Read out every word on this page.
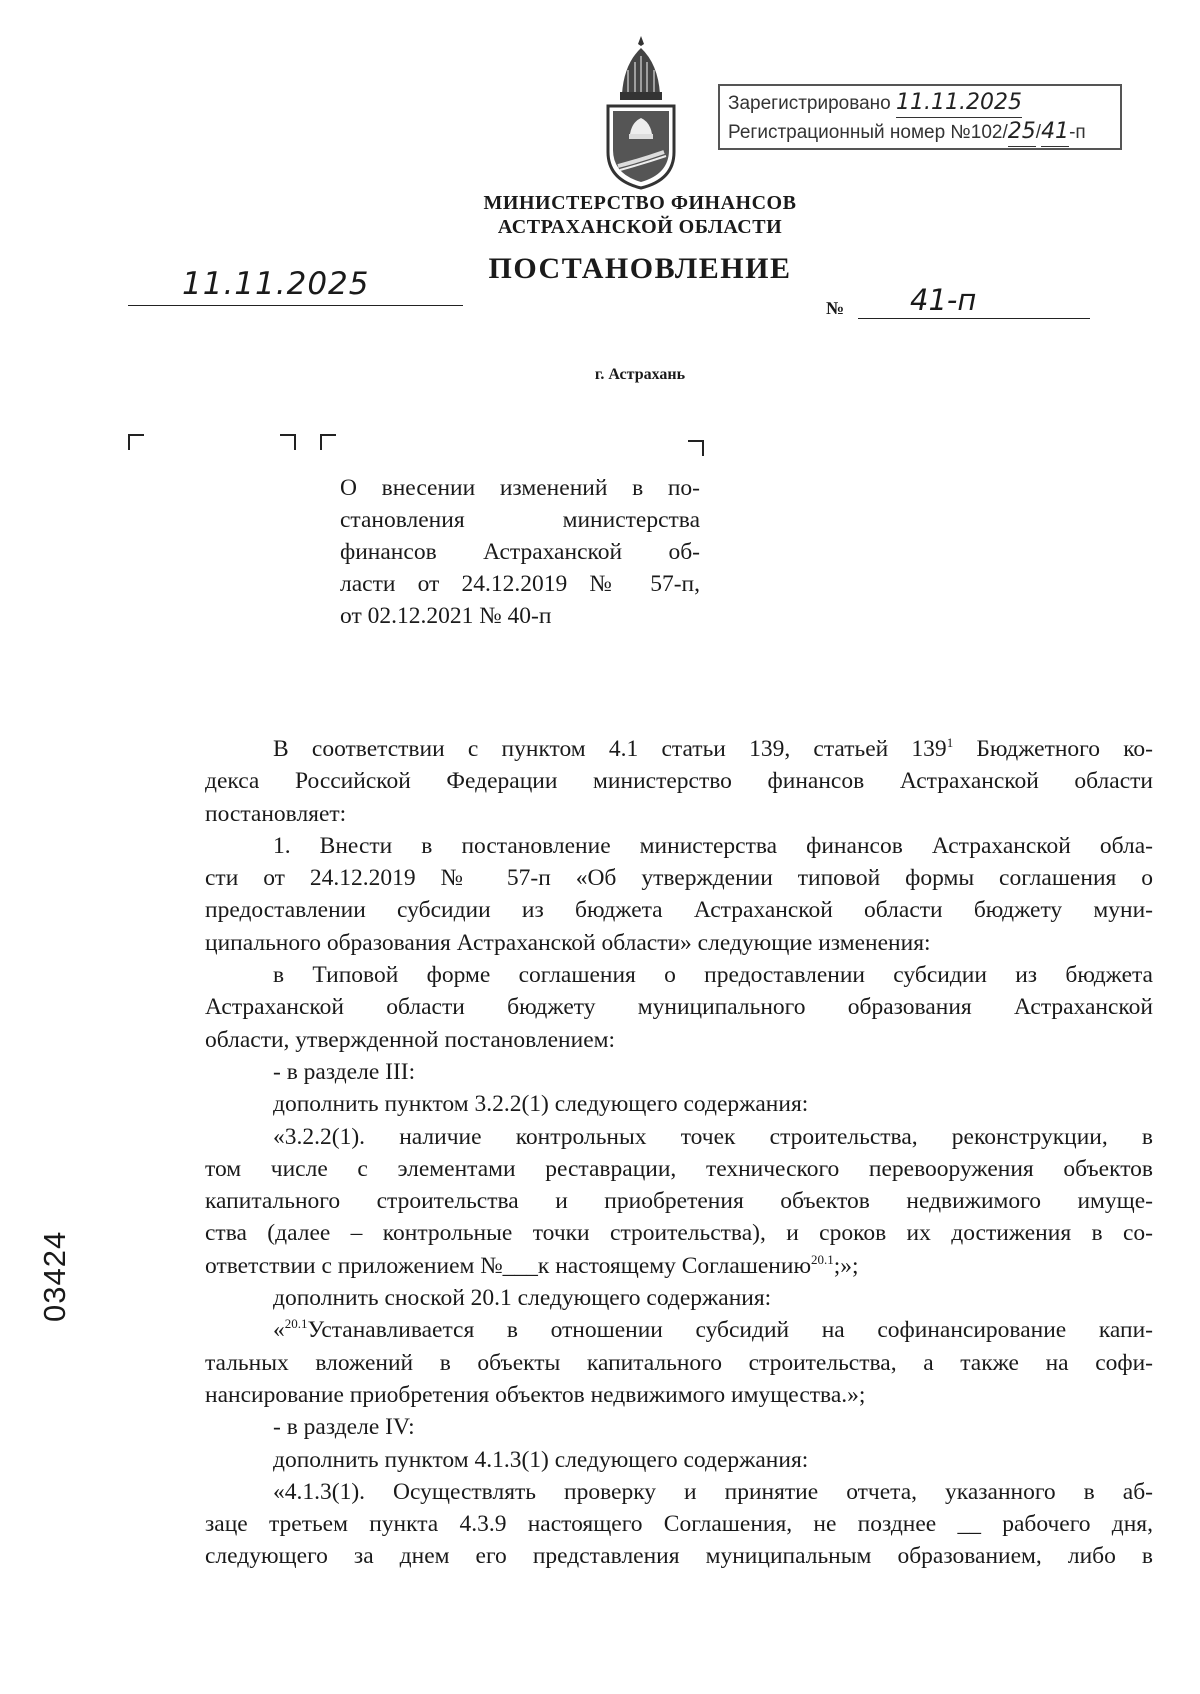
Зарегистрировано 11.11.2025
Регистрационный номер №102/25/41-п
МИНИСТЕРСТВО ФИНАНСОВ
АСТРАХАНСКОЙ ОБЛАСТИ
ПОСТАНОВЛЕНИЕ
11.11.2025
№ 41-п
г. Астрахань
О внесении изменений в по-
становления министерства
финансов Астраханской об-
ласти от 24.12.2019 № 57-п,
от 02.12.2021 № 40-п
В соответствии с пунктом 4.1 статьи 139, статьей $139^1$ Бюджетного ко-
декса Российской Федерации министерство финансов Астраханской области
постановляет:
1. Внести в постановление министерства финансов Астраханской обла-
сти от 24.12.2019 № 57-п «Об утверждении типовой формы соглашения о
предоставлении субсидии из бюджета Астраханской области бюджету муни-
ципального образования Астраханской области» следующие изменения:
в Типовой форме соглашения о предоставлении субсидии из бюджета
Астраханской области бюджету муниципального образования Астраханской
области, утвержденной постановлением:
- в разделе III:
дополнить пунктом 3.2.2(1) следующего содержания:
«3.2.2(1). наличие контрольных точек строительства, реконструкции, в
том числе с элементами реставрации, технического перевооружения объектов
капитального строительства и приобретения объектов недвижимого имуще-
ства (далее – контрольные точки строительства), и сроков их достижения в со-
ответствии с приложением №___к настоящему Соглашению$^{20.1}$;»;
дополнить сноской 20.1 следующего содержания:
«$^{20.1}$Устанавливается в отношении субсидий на софинансирование капи-
тальных вложений в объекты капитального строительства, а также на софи-
нансирование приобретения объектов недвижимого имущества.»;
- в разделе IV:
дополнить пунктом 4.1.3(1) следующего содержания:
«4.1.3(1). Осуществлять проверку и принятие отчета, указанного в аб-
заце третьем пункта 4.3.9 настоящего Соглашения, не позднее __ рабочего дня,
следующего за днем его представления муниципальным образованием, либо в
03424
